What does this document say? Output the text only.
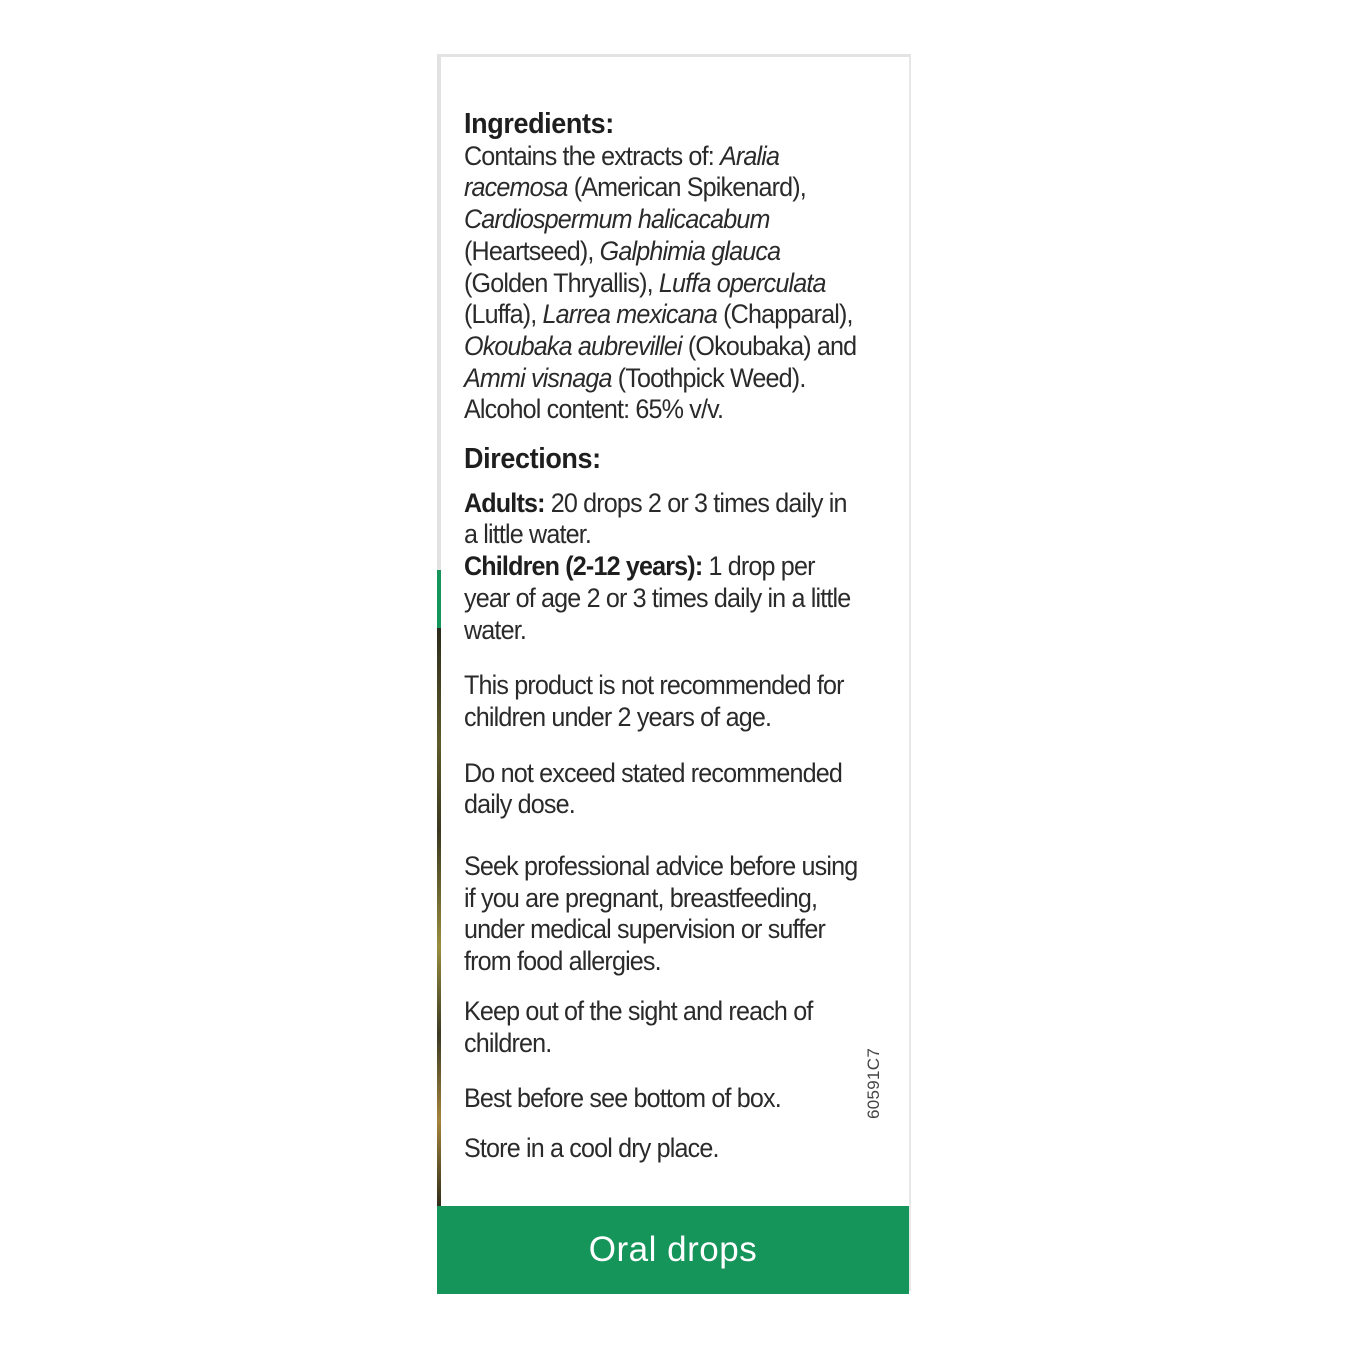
Ingredients:

Contains the extracts of: Aralia racemosa (American Spikenard), Cardiospermum halicacabum (Heartseed), Galphimia glauca (Golden Thryallis), Luffa operculata (Luffa), Larrea mexicana (Chapparal), Okoubaka aubrevillei (Okoubaka) and Ammi visnaga (Toothpick Weed).

Alcohol content: 65% v/v.

Directions:

Adults: 20 drops 2 or 3 times daily in a little water.

Children (2-12 years): 1 drop per year of age 2 or 3 times daily in a little water.

This product is not recommended for children under 2 years of age.

Do not exceed stated recommended daily dose.

Seek professional advice before using if you are pregnant, breastfeeding, under medical supervision or suffer from food allergies.

Keep out of the sight and reach of children.

Best before see bottom of box.

Store in a cool dry place.

60591C7
Oral drops
